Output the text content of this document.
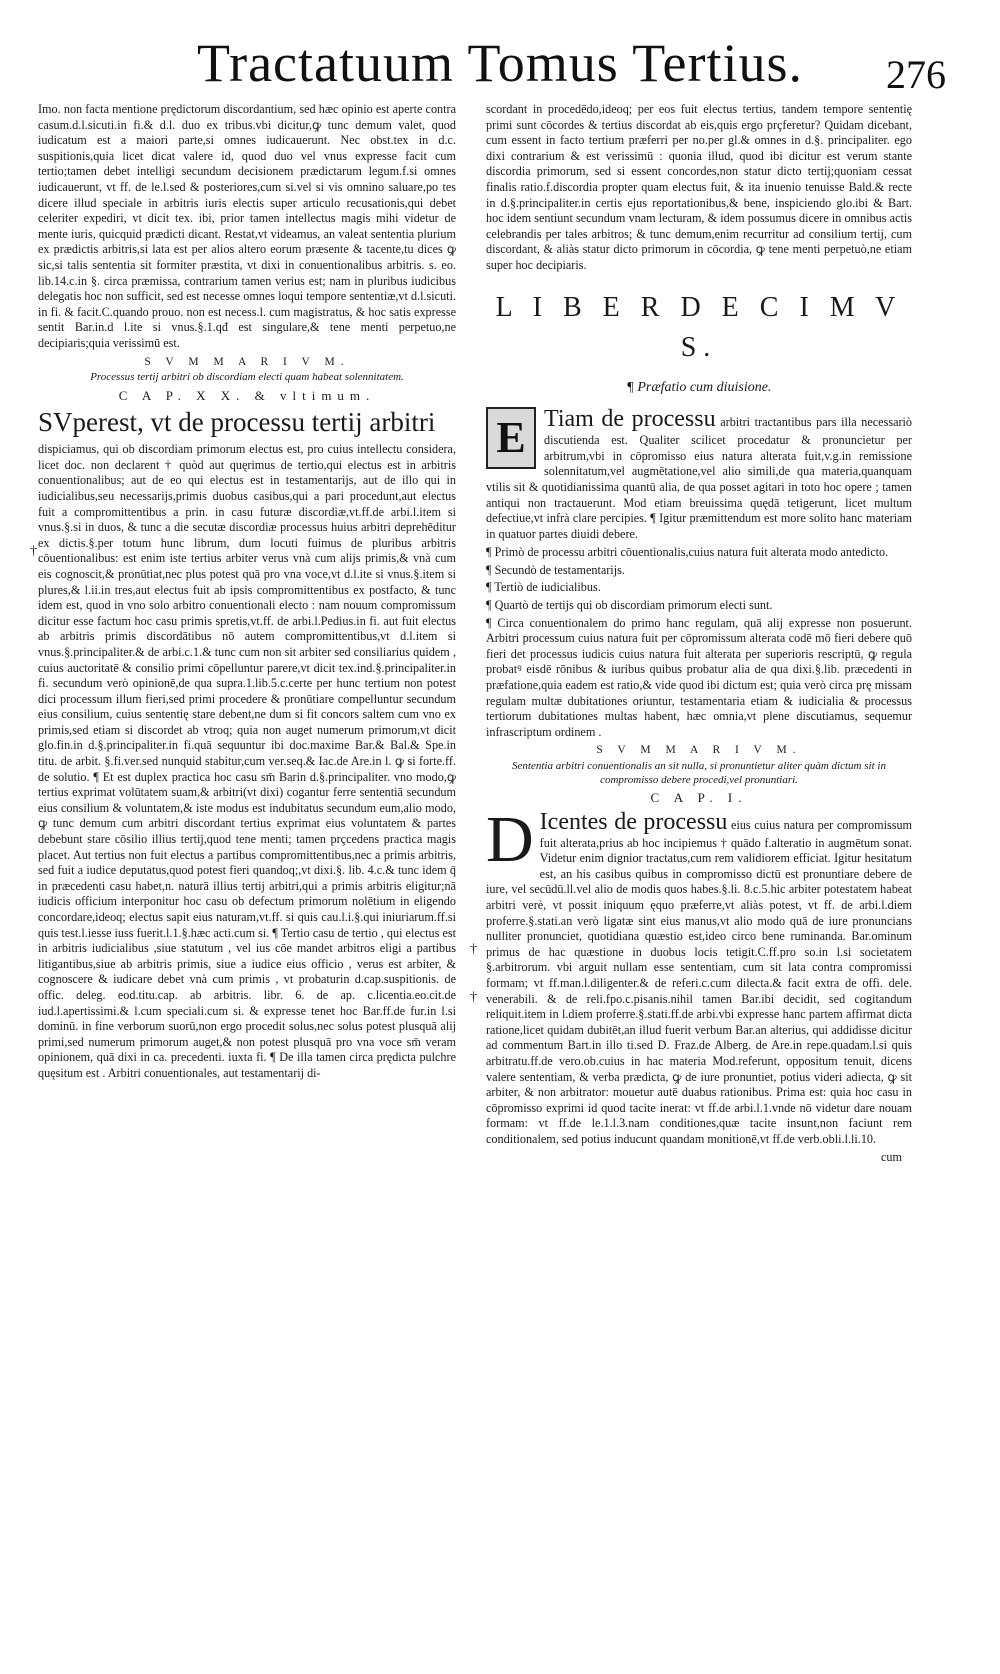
Tractatuum Tomus Tertius.	276
†
†
†

Imo. non facta mentione prędictorum discordantium, sed hæc opinio est aperte contra casum.d.l.sicuti.in fi.& d.l. duo ex tribus.vbi dicitur,ꝙ tunc demum valet, quod iudicatum est a maiori parte,si omnes iudicauerunt. Nec obst.tex in d.c. suspitionis,quia licet dicat valere id, quod duo vel vnus expresse facit cum tertio;tamen debet intelligi secundum decisionem prædictarum legum.f.si omnes iudicauerunt, vt ff. de le.l.sed & posteriores,cum si.vel si vis omnino saluare,po tes dicere illud speciale in arbitris iuris electis super articulo recusationis,qui debet celeriter expediri, vt dicit tex. ibi, prior tamen intellectus magis mihi videtur de mente iuris, quicquid prædicti dicant. Restat,vt videamus, an valeat sententia plurium ex prædictis arbitris,si lata est per alios altero eorum præsente & tacente,tu dices ꝙ sic,si talis sententia sit formiter præstita, vt dixi in conuentionalibus arbitris. s. eo. lib.14.c.in §. circa præmissa, contrarium tamen verius est; nam in pluribus iudicibus delegatis hoc non sufficit, sed est necesse omnes loqui tempore sententiæ,vt d.l.sicuti. in fi. & facit.C.quando prouo. non est necess.l. cum magistratus, & hoc satis expresse sentit Bar.in.d l.ite si vnus.§.1.qđ est singulare,& tene menti perpetuo,ne decipiaris;quia verissimū est.

S V M M A R I V M.

Processus tertij arbitri ob discordiam electi quam habeat solennitatem.

C A P. X X. & vltimum.

SVperest, vt de processu tertij arbitri

dispiciamus, qui ob discordiam primorum electus est, pro cuius intellectu considera, licet doc. non declarent † quòd aut quęrimus de tertio,qui electus est in arbitris conuentionalibus; aut de eo qui electus est in testamentarijs, aut de illo qui in iudicialibus,seu necessarijs,primis duobus casibus,qui a pari procedunt,aut electus fuit a compromittentibus a prin. in casu futuræ discordiæ,vt.ff.de arbi.l.item si vnus.§.si in duos, & tunc a die secutæ discordiæ processus huius arbitri deprehēditur ex dictis.§.per totum hunc librum, dum locuti fuimus de pluribus arbitris cōuentionalibus: est enim iste tertius arbiter verus vnà cum alijs primis,& vnà cum eis cognoscit,& pronūtiat,nec plus potest quā pro vna voce,vt d.l.ite si vnus.§.item si plures,& l.ii.in tres,aut electus fuit ab ipsis compromittentibus ex postfacto, & tunc idem est, quod in vno solo arbitro conuentionali electo : nam nouum compromissum dicitur esse factum hoc casu primis spretis,vt.ff. de arbi.l.Pedius.in fi. aut fuit electus ab arbitris primis discordātibus nō autem compromittentibus,vt d.l.item si vnus.§.principaliter.& de arbi.c.1.& tunc cum non sit arbiter sed consiliarius quidem , cuius auctoritatē & consilio primi cōpelluntur parere,vt dicit tex.ind.§.principaliter.in fi. secundum verò opinionē,de qua supra.1.lib.5.c.certe per hunc tertium non potest dici processum illum fieri,sed primi procedere & pronūtiare compelluntur secundum eius consilium, cuius sententię stare debent,ne dum si fit concors saltem cum vno ex primis,sed etiam si discordet ab vtroq; quia non auget numerum primorum,vt dicit glo.fin.in d.§.principaliter.in fi.quā sequuntur ibi doc.maxime Bar.& Bal.& Spe.in titu. de arbit. §.fi.ver.sed nunquid stabitur,cum ver.seq.& Iac.de Are.in l. ꝙ si forte.ff. de solutio. ¶ Et est duplex practica hoc casu sm̄ Barin d.§.principaliter. vno modo,ꝙ tertius exprimat volūtatem suam,& arbitri(vt dixi) cogantur ferre sententiā secundum eius consilium & voluntatem,& iste modus est indubitatus secundum eum,alio modo, ꝙ tunc demum cum arbitri discordant tertius exprimat eius voluntatem & partes debebunt stare cōsilio illius tertij,quod tene menti; tamen prçcedens practica magis placet. Aut tertius non fuit electus a partibus compromittentibus,nec a primis arbitris, sed fuit a iudice deputatus,quod potest fieri quandoq;,vt dixi.§. lib. 4.c.& tunc idem q̄ in præcedenti casu habet,n. naturā illius tertij arbitri,qui a primis arbitris eligitur;nā iudicis officium interponitur hoc casu ob defectum primorum nolētium in eligendo concordare,ideoq; electus sapit eius naturam,vt.ff. si quis cau.l.i.§.qui iniuriarum.ff.si quis test.l.iesse iuss fuerit.l.1.§.hæc acti.cum si. ¶ Tertio casu de tertio , qui electus est in arbitris iudicialibus ,siue statutum , vel ius cōe mandet arbitros eligi a partibus litigantibus,siue ab arbitris primis, siue a iudice eius officio , verus est arbiter, & cognoscere & iudicare debet vnà cum primis , vt probaturin d.cap.suspitionis. de offic. deleg. eod.titu.cap. ab arbitris. libr. 6. de ap. c.licentia.eo.cit.de iud.l.apertissimi.& l.cum speciali.cum si. & expresse tenet hoc Bar.ff.de fur.in l.si dominū. in fine verborum suorū,non ergo procedit solus,nec solus potest plusquā alij primi,sed numerum primorum auget,& non potest plusquā pro vna voce sm̄ veram opinionem, quā dixi in ca. precedenti. iuxta fi. ¶ De illa tamen circa prędicta pulchre quęsitum est . Arbitri conuentionales, aut testamentarij di-

scordant in procedēdo,ideoq; per eos fuit electus tertius, tandem tempore sententię primi sunt cōcordes & tertius discordat ab eis,quis ergo prçferetur? Quidam dicebant, cum essent in facto tertium præferri per no.per gl.& omnes in d.§. principaliter. ego dixi contrarium & est verissimū : quonia illud, quod ibi dicitur est verum stante discordia primorum, sed si essent concordes,non statur dicto tertij;quoniam cessat finalis ratio.f.discordia propter quam electus fuit, & ita inuenio tenuisse Bald.& recte in d.§.principaliter.in certis ejus reportationibus,& bene, inspiciendo glo.ibi & Bart. hoc idem sentiunt secundum vnam lecturam, & idem possumus dicere in omnibus actis celebrandis per tales arbitros; & tunc demum,enim recurritur ad consilium tertij, cum discordant, & aliàs statur dicto primorum in cōcordia, ꝙ tene menti perpetuò,ne etiam super hoc decipiaris.

L I B E R D E C I M V S.

¶ Præfatio cum diuisione.

E Tiam de processu arbitri tractantibus pars illa necessariò discutienda est. Qualiter scilicet procedatur & pronuncietur per arbitrum,vbi in cōpromisso eius natura alterata fuit,v.g.in remissione solennitatum,vel augmētatione,vel alio simili,de qua materia,quanquam vtilis sit & quotidianissima quantū alia, de qua posset agitari in toto hoc opere ; tamen antiqui non tractauerunt. Mod etiam breuissima quędā tetigerunt, licet multum defectiue,vt infrà clare percipies. ¶ Igitur præmittendum est more solito hanc materiam in quatuor partes diuidi debere.

¶ Primò de processu arbitri cōuentionalis,cuius natura fuit alterata modo antedicto.

¶ Secundò de testamentarijs.

¶ Tertiò de iudicialibus.

¶ Quartò de tertijs qui ob discordiam primorum electi sunt.

¶ Circa conuentionalem do primo hanc regulam, quā alij expresse non posuerunt. Arbitri processum cuius natura fuit per cōpromissum alterata codē mō fieri debere quō fieri det processus iudicis cuius natura fuit alterata per superioris rescriptū, ꝙ regula probatꝰ eisdē rōnibus & iuribus quibus probatur alia de qua dixi.§.lib. præcedenti in præfatione,quia eadem est ratio,& vide quod ibi dictum est; quia verò circa prę missam regulam multæ dubitationes oriuntur, testamentaria etiam & iudicialia & processus tertiorum dubitationes multas habent, hæc omnia,vt plene discutiamus, sequemur infrascriptum ordinem .

S V M M A R I V M.

Sententia arbitri conuentionalis an sit nulla, si pronuntietur aliter quàm dictum sit in compromisso debere procedi,vel pronuntiari.

C A P. I.

D Icentes de processu eius cuius natura per compromissum fuit alterata,prius ab hoc incipiemus † quādo f.alteratio in augmētum sonat. Videtur enim dignior tractatus,cum rem validiorem efficiat. Igitur hesitatum est, an his casibus quibus in compromisso dictū est pronuntiare debere de iure, vel secūdū.ll.vel alio de modis quos habes.§.li. 8.c.5.hic arbiter potestatem habeat arbitri verè, vt possit iniquum ęquo præferre,vt aliàs potest, vt ff. de arbi.l.diem proferre.§.stati.an verò ligatæ sint eius manus,vt alio modo quā de iure pronuncians nulliter pronunciet, quotidiana quæstio est,ideo circo bene ruminanda. Bar.ominum primus de hac quæstione in duobus locis tetigit.C.ff.pro so.in l.si societatem §.arbitrorum. vbi arguit nullam esse sententiam, cum sit lata contra compromissi formam; vt ff.man.l.diligenter.& de referi.c.cum dilecta.& facit extra de offi. dele. venerabili. & de reli.fpo.c.pisanis.nihil tamen Bar.ibi decidit, sed cogitandum reliquit.item in l.diem proferre.§.stati.ff.de arbi.vbi expresse hanc partem affirmat dicta ratione,licet quidam dubitēt,an illud fuerit verbum Bar.an alterius, qui addidisse dicitur ad commentum Bart.in illo ti.sed D. Fraz.de Alberg. de Are.in repe.quadam.l.si quis arbitratu.ff.de vero.ob.cuius in hac materia Mod.referunt, oppositum tenuit, dicens valere sententiam, & verba prædicta, ꝙ de iure pronuntiet, potius videri adiecta, ꝙ sit arbiter, & non arbitrator: mouetur autē duabus rationibus. Prima est: quia hoc casu in cōpromisso exprimi id quod tacite inerat: vt ff.de arbi.l.1.vnde nō videtur dare nouam formam: vt ff.de le.1.l.3.nam conditiones,quæ tacite insunt,non faciunt rem conditionalem, sed potius inducunt quandam monitionē,vt ff.de verb.obli.l.li.10.

cum
